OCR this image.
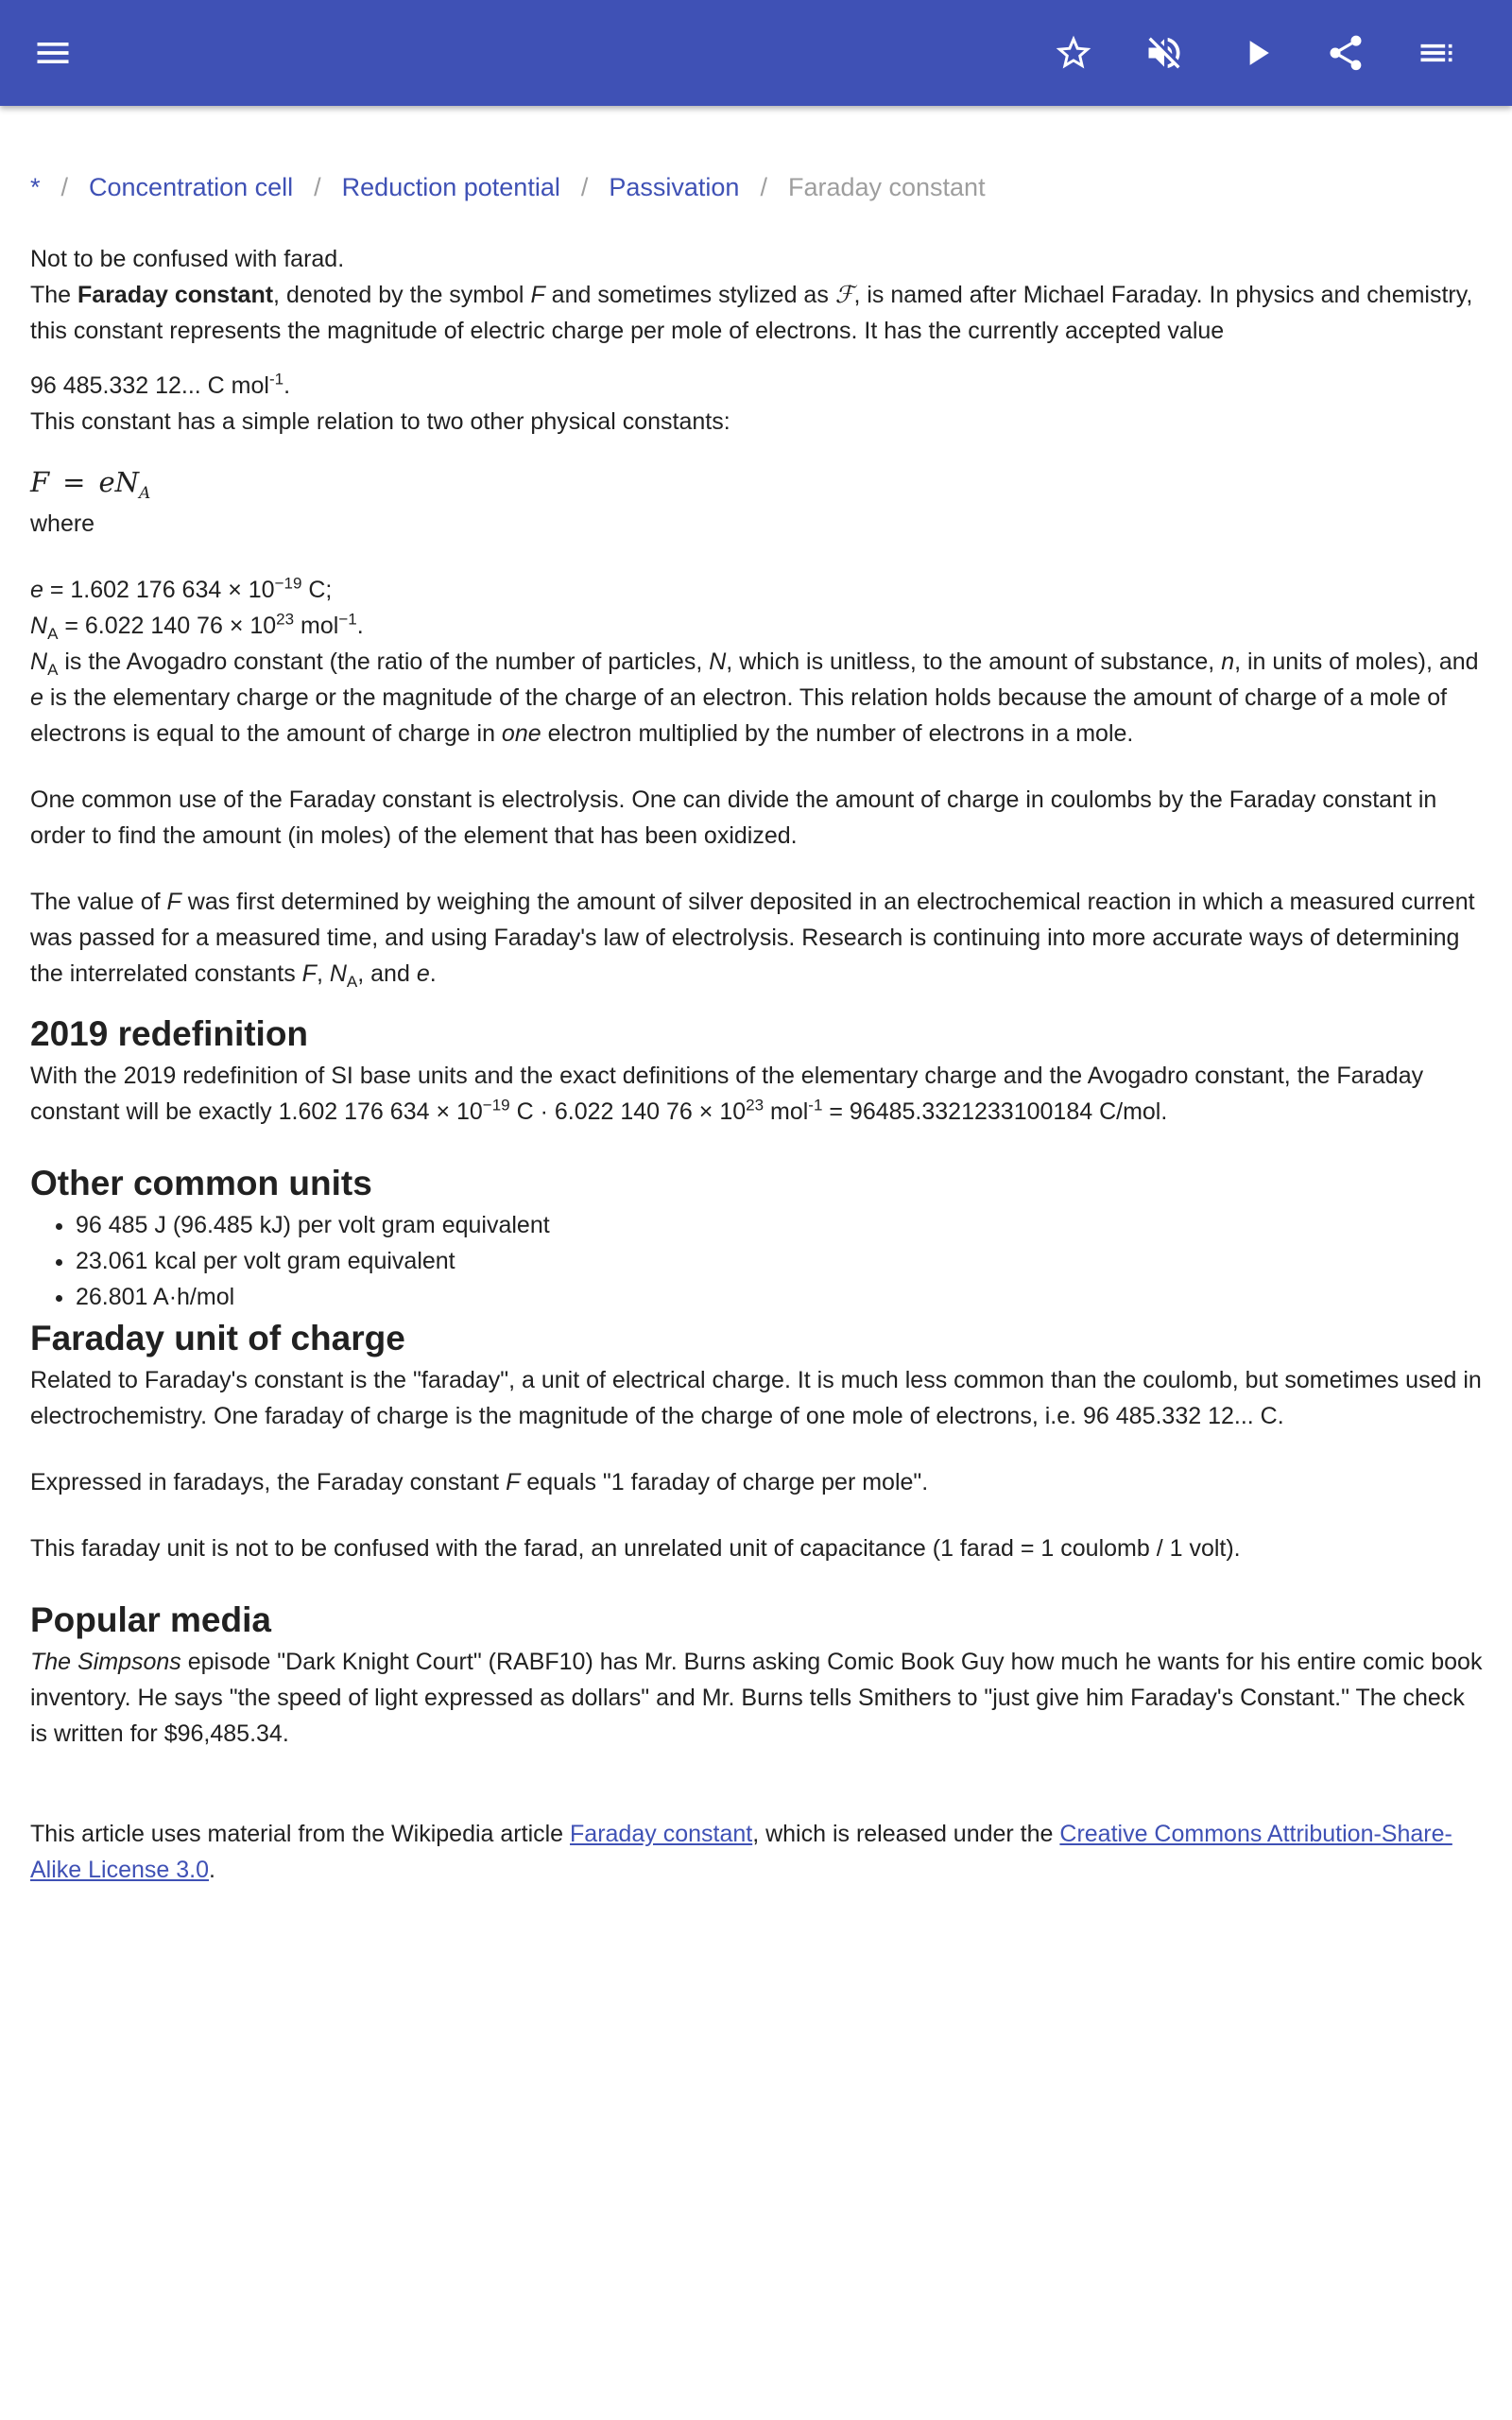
* / Concentration cell / Reduction potential / Passivation / Faraday constant

Not to be confused with farad.

The Faraday constant, denoted by the symbol F and sometimes stylized as ℱ, is named after Michael Faraday. In physics and chemistry, this constant represents the magnitude of electric charge per mole of electrons. It has the currently accepted value

96 485.332 12... C mol$^{-1}$.

This constant has a simple relation to two other physical constants:

$F = eN_A$

where

e = 1.602 176 $634 \times 10^{-19}$ C;

$N_A = 6.022$ 140 $76 \times 10^{23}$ mol$^{-1}$.

$N_A$ is the Avogadro constant (the ratio of the number of particles, N, which is unitless, to the amount of substance, n, in units of moles), and e is the elementary charge or the magnitude of the charge of an electron. This relation holds because the amount of charge of a mole of electrons is equal to the amount of charge in one electron multiplied by the number of electrons in a mole.

One common use of the Faraday constant is electrolysis. One can divide the amount of charge in coulombs by the Faraday constant in order to find the amount (in moles) of the element that has been oxidized.

The value of F was first determined by weighing the amount of silver deposited in an electrochemical reaction in which a measured current was passed for a measured time, and using Faraday's law of electrolysis. Research is continuing into more accurate ways of determining the interrelated constants F, $N_A$, and e.

2019 redefinition

With the 2019 redefinition of SI base units and the exact definitions of the elementary charge and the Avogadro constant, the Faraday constant will be exactly 1.602 176 $634 \times 10^{-19}$ C · 6.022 140 $76 \times 10^{23}$ mol$^{-1}$ = 96485.3321233100184 C/mol.

Other common units
• 96 485 J (96.485 kJ) per volt gram equivalent
• 23.061 kcal per volt gram equivalent
• 26.801 A·h/mol
Faraday unit of charge

Related to Faraday's constant is the "faraday", a unit of electrical charge. It is much less common than the coulomb, but sometimes used in electrochemistry. One faraday of charge is the magnitude of the charge of one mole of electrons, i.e. 96 485.332 12... C.

Expressed in faradays, the Faraday constant F equals "1 faraday of charge per mole".

This faraday unit is not to be confused with the farad, an unrelated unit of capacitance (1 farad = 1 coulomb / 1 volt).

Popular media

The Simpsons episode "Dark Knight Court" (RABF10) has Mr. Burns asking Comic Book Guy how much he wants for his entire comic book inventory. He says "the speed of light expressed as dollars" and Mr. Burns tells Smithers to "just give him Faraday's Constant." The check is written for $96,485.34.

This article uses material from the Wikipedia article Faraday constant, which is released under the Creative Commons Attribution-Share-Alike License 3.0.
